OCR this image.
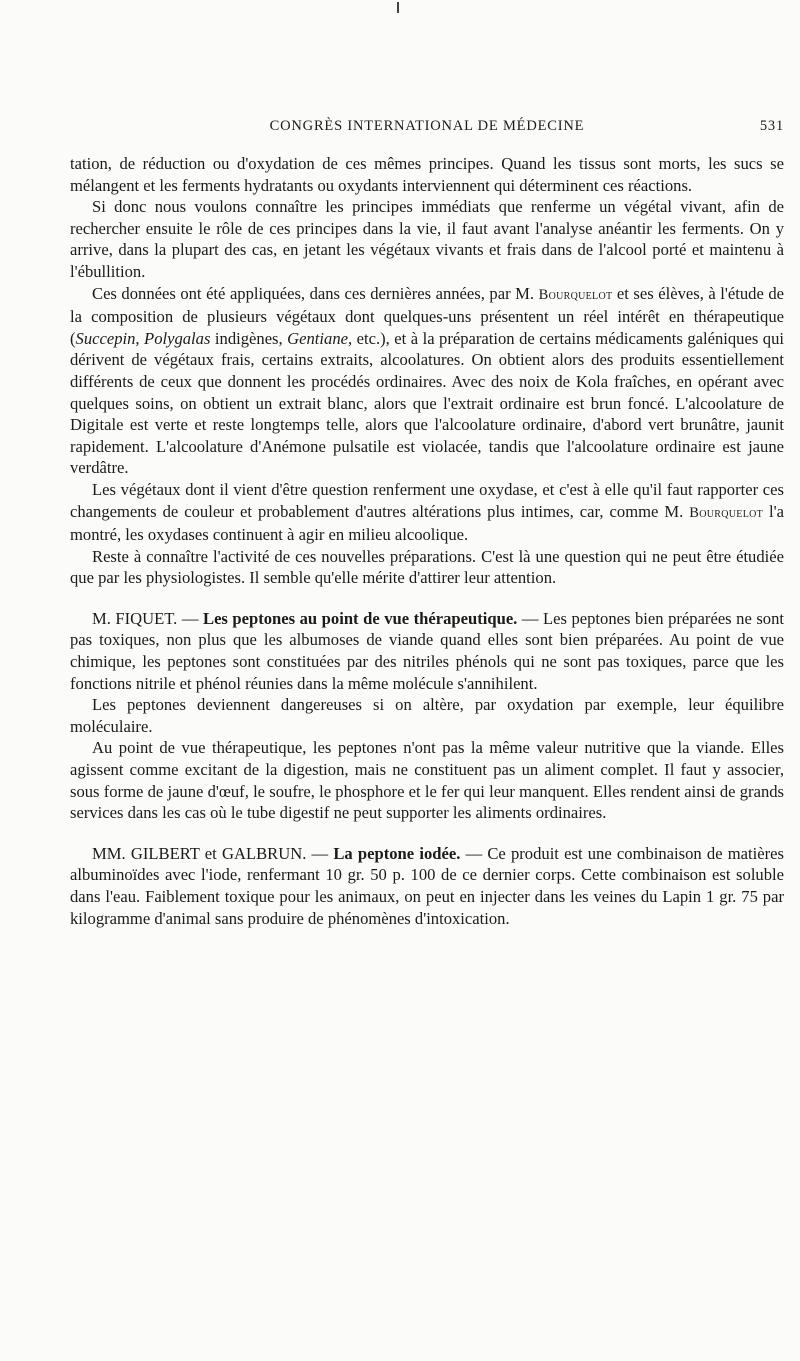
CONGRÈS INTERNATIONAL DE MÉDECINE	531

tation, de réduction ou d'oxydation de ces mêmes principes. Quand les tissus sont morts, les sucs se mélangent et les ferments hydratants ou oxydants interviennent qui déterminent ces réactions.

Si donc nous voulons connaître les principes immédiats que renferme un végétal vivant, afin de rechercher ensuite le rôle de ces principes dans la vie, il faut avant l'analyse anéantir les ferments. On y arrive, dans la plupart des cas, en jetant les végétaux vivants et frais dans de l'alcool porté et maintenu à l'ébullition.

Ces données ont été appliquées, dans ces dernières années, par M. Bourquelot et ses élèves, à l'étude de la composition de plusieurs végétaux dont quelques-uns présentent un réel intérêt en thérapeutique (Succepin, Polygalas indigènes, Gentiane, etc.), et à la préparation de certains médicaments galéniques qui dérivent de végétaux frais, certains extraits, alcoolatures. On obtient alors des produits essentiellement différents de ceux que donnent les procédés ordinaires. Avec des noix de Kola fraîches, en opérant avec quelques soins, on obtient un extrait blanc, alors que l'extrait ordinaire est brun foncé. L'alcoolature de Digitale est verte et reste longtemps telle, alors que l'alcoolature ordinaire, d'abord vert brunâtre, jaunit rapidement. L'alcoolature d'Anémone pulsatile est violacée, tandis que l'alcoolature ordinaire est jaune verdâtre.

Les végétaux dont il vient d'être question renferment une oxydase, et c'est à elle qu'il faut rapporter ces changements de couleur et probablement d'autres altérations plus intimes, car, comme M. Bourquelot l'a montré, les oxydases continuent à agir en milieu alcoolique.

Reste à connaître l'activité de ces nouvelles préparations. C'est là une question qui ne peut être étudiée que par les physiologistes. Il semble qu'elle mérite d'attirer leur attention.

M. FIQUET. — Les peptones au point de vue thérapeutique. — Les peptones bien préparées ne sont pas toxiques, non plus que les albumoses de viande quand elles sont bien préparées. Au point de vue chimique, les peptones sont constituées par des nitriles phénols qui ne sont pas toxiques, parce que les fonctions nitrile et phénol réunies dans la même molécule s'annihilent.

Les peptones deviennent dangereuses si on altère, par oxydation par exemple, leur équilibre moléculaire.

Au point de vue thérapeutique, les peptones n'ont pas la même valeur nutritive que la viande. Elles agissent comme excitant de la digestion, mais ne constituent pas un aliment complet. Il faut y associer, sous forme de jaune d'œuf, le soufre, le phosphore et le fer qui leur manquent. Elles rendent ainsi de grands services dans les cas où le tube digestif ne peut supporter les aliments ordinaires.

MM. GILBERT et GALBRUN. — La peptone iodée. — Ce produit est une combinaison de matières albuminoïdes avec l'iode, renfermant 10 gr. 50 p. 100 de ce dernier corps. Cette combinaison est soluble dans l'eau. Faiblement toxique pour les animaux, on peut en injecter dans les veines du Lapin 1 gr. 75 par kilogramme d'animal sans produire de phénomènes d'intoxication.
